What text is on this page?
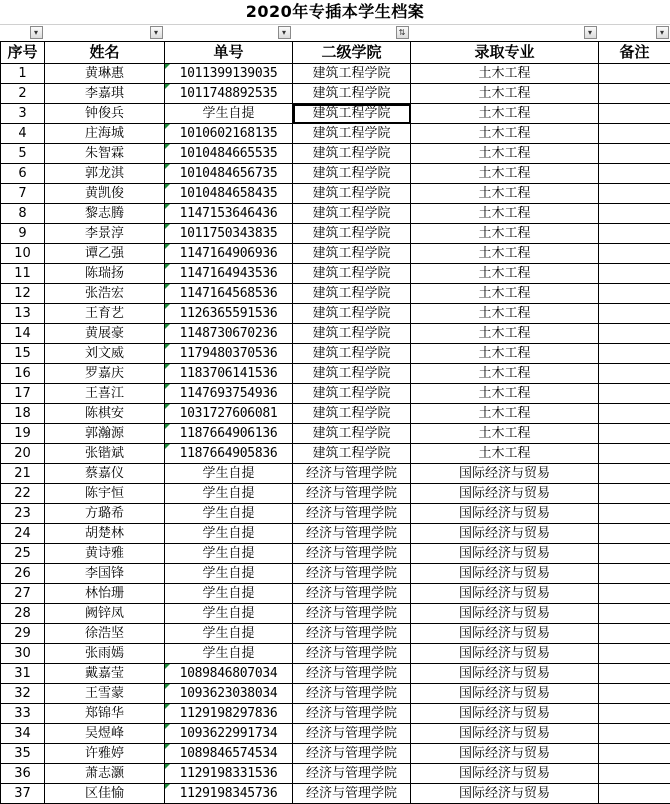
2020年专插本学生档案
▾	▾	▾	⇅	▾	▾

序号	姓名	单号	二级学院	录取专业	备注
1	黄琳惠	1011399139035	建筑工程学院	土木工程	
2	李嘉琪	1011748892535	建筑工程学院	土木工程	
3	钟俊兵	学生自提	建筑工程学院	土木工程	
4	庄海城	1010602168135	建筑工程学院	土木工程	
5	朱智霖	1010484665535	建筑工程学院	土木工程	
6	郭龙淇	1010484656735	建筑工程学院	土木工程	
7	黄凯俊	1010484658435	建筑工程学院	土木工程	
8	黎志腾	1147153646436	建筑工程学院	土木工程	
9	李景淳	1011750343835	建筑工程学院	土木工程	
10	谭乙强	1147164906936	建筑工程学院	土木工程	
11	陈瑞扬	1147164943536	建筑工程学院	土木工程	
12	张浩宏	1147164568536	建筑工程学院	土木工程	
13	王育艺	1126365591536	建筑工程学院	土木工程	
14	黄展豪	1148730670236	建筑工程学院	土木工程	
15	刘文威	1179480370536	建筑工程学院	土木工程	
16	罗嘉庆	1183706141536	建筑工程学院	土木工程	
17	王喜江	1147693754936	建筑工程学院	土木工程	
18	陈棋安	1031727606081	建筑工程学院	土木工程	
19	郭瀚源	1187664906136	建筑工程学院	土木工程	
20	张锴斌	1187664905836	建筑工程学院	土木工程	
21	蔡嘉仪	学生自提	经济与管理学院	国际经济与贸易	
22	陈宇恒	学生自提	经济与管理学院	国际经济与贸易	
23	方璐希	学生自提	经济与管理学院	国际经济与贸易	
24	胡楚林	学生自提	经济与管理学院	国际经济与贸易	
25	黄诗雅	学生自提	经济与管理学院	国际经济与贸易	
26	李国锋	学生自提	经济与管理学院	国际经济与贸易	
27	林怡珊	学生自提	经济与管理学院	国际经济与贸易	
28	阙锌凤	学生自提	经济与管理学院	国际经济与贸易	
29	徐浩坚	学生自提	经济与管理学院	国际经济与贸易	
30	张雨嫣	学生自提	经济与管理学院	国际经济与贸易	
31	戴嘉莹	1089846807034	经济与管理学院	国际经济与贸易	
32	王雪蒙	1093623038034	经济与管理学院	国际经济与贸易	
33	郑锦华	1129198297836	经济与管理学院	国际经济与贸易	
34	吴煜峰	1093622991734	经济与管理学院	国际经济与贸易	
35	许雅婷	1089846574534	经济与管理学院	国际经济与贸易	
36	萧志灏	1129198331536	经济与管理学院	国际经济与贸易	
37	区佳愉	1129198345736	经济与管理学院	国际经济与贸易	
